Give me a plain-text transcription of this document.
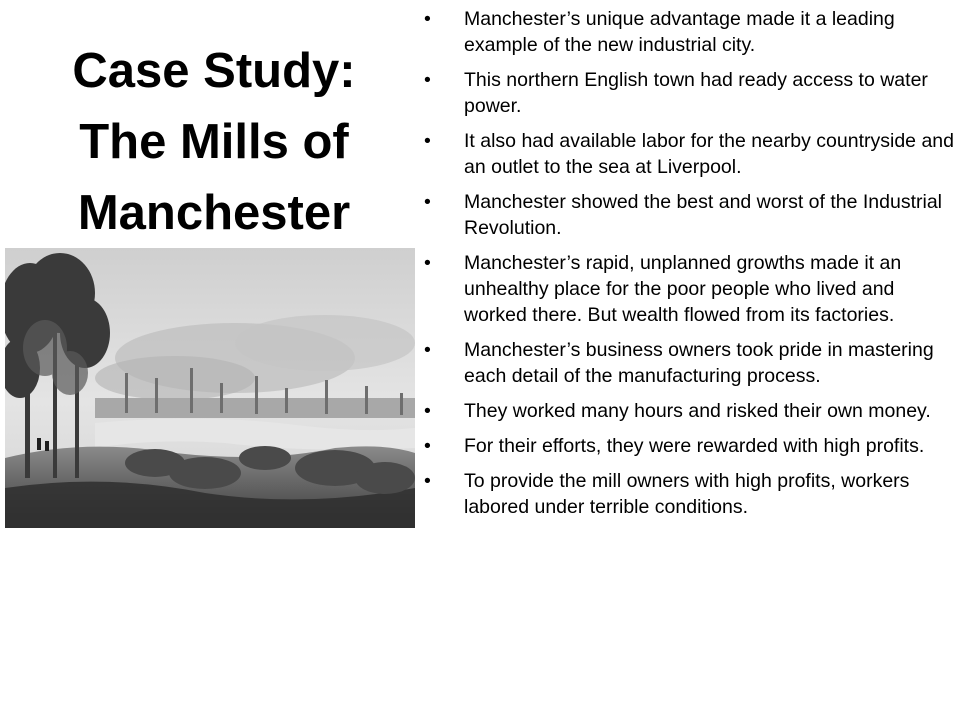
Case Study:
The Mills of
Manchester
•	Manchester’s unique advantage made it a leading example of the new industrial city.
•	This northern English town had ready access to water power.
•	It also had available labor for the nearby countryside and an outlet to the sea at Liverpool.
•	Manchester showed the best and worst of the Industrial Revolution.
•	Manchester’s rapid, unplanned growths made it an unhealthy place for the poor people who lived and worked there. But wealth flowed from its factories.
•	Manchester’s business owners took pride in mastering each detail of the manufacturing process.
•	They worked many hours and risked their own money.
•	For their efforts, they were rewarded with high profits.
•	To provide the mill owners with high profits, workers labored under terrible conditions.
